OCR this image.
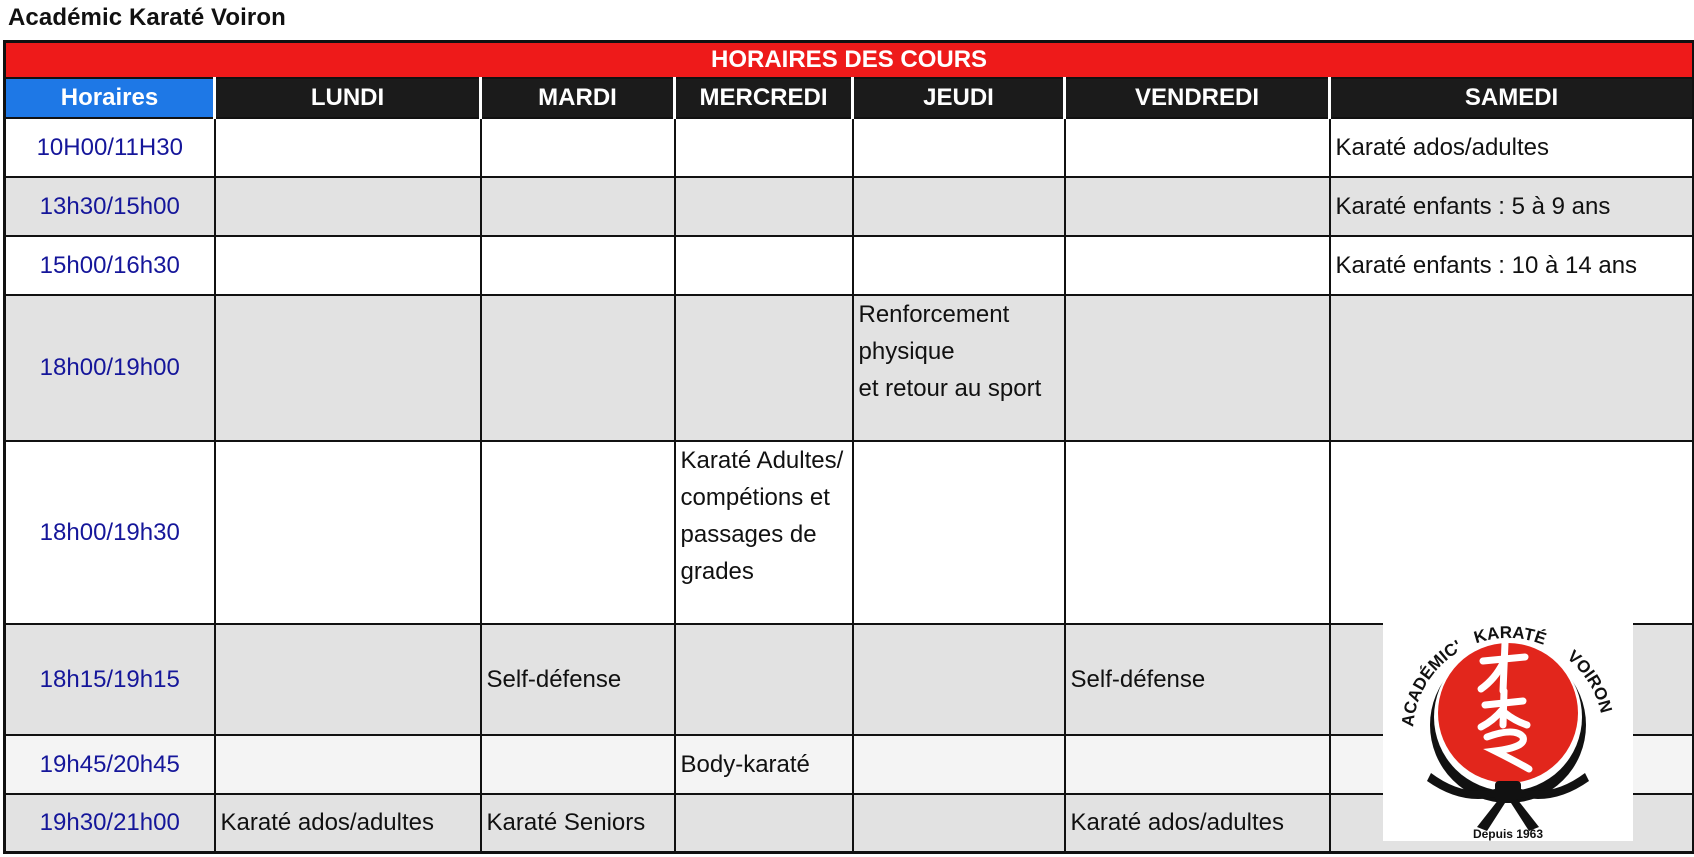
Académic Karaté Voiron
HORAIRES DES COURS						
Horaires	LUNDI	MARDI	MERCREDI	JEUDI	VENDREDI	SAMEDI
10H00/11H30						Karaté ados/adultes
13h30/15h00						Karaté enfants : 5 à 9 ans
15h00/16h30						Karaté enfants : 10 à 14 ans
18h00/19h00				Renforcement physique
et retour au sport		
18h00/19h30			Karaté Adultes/ compétions et passages de grades			
18h15/19h15		Self-défense			Self-défense	
19h45/20h45			Body-karaté			
19h30/21h00	Karaté ados/adultes	Karaté Seniors			Karaté ados/adultes	
ACADÉMIC' KARATÉ
VOIRON
Depuis 1963
